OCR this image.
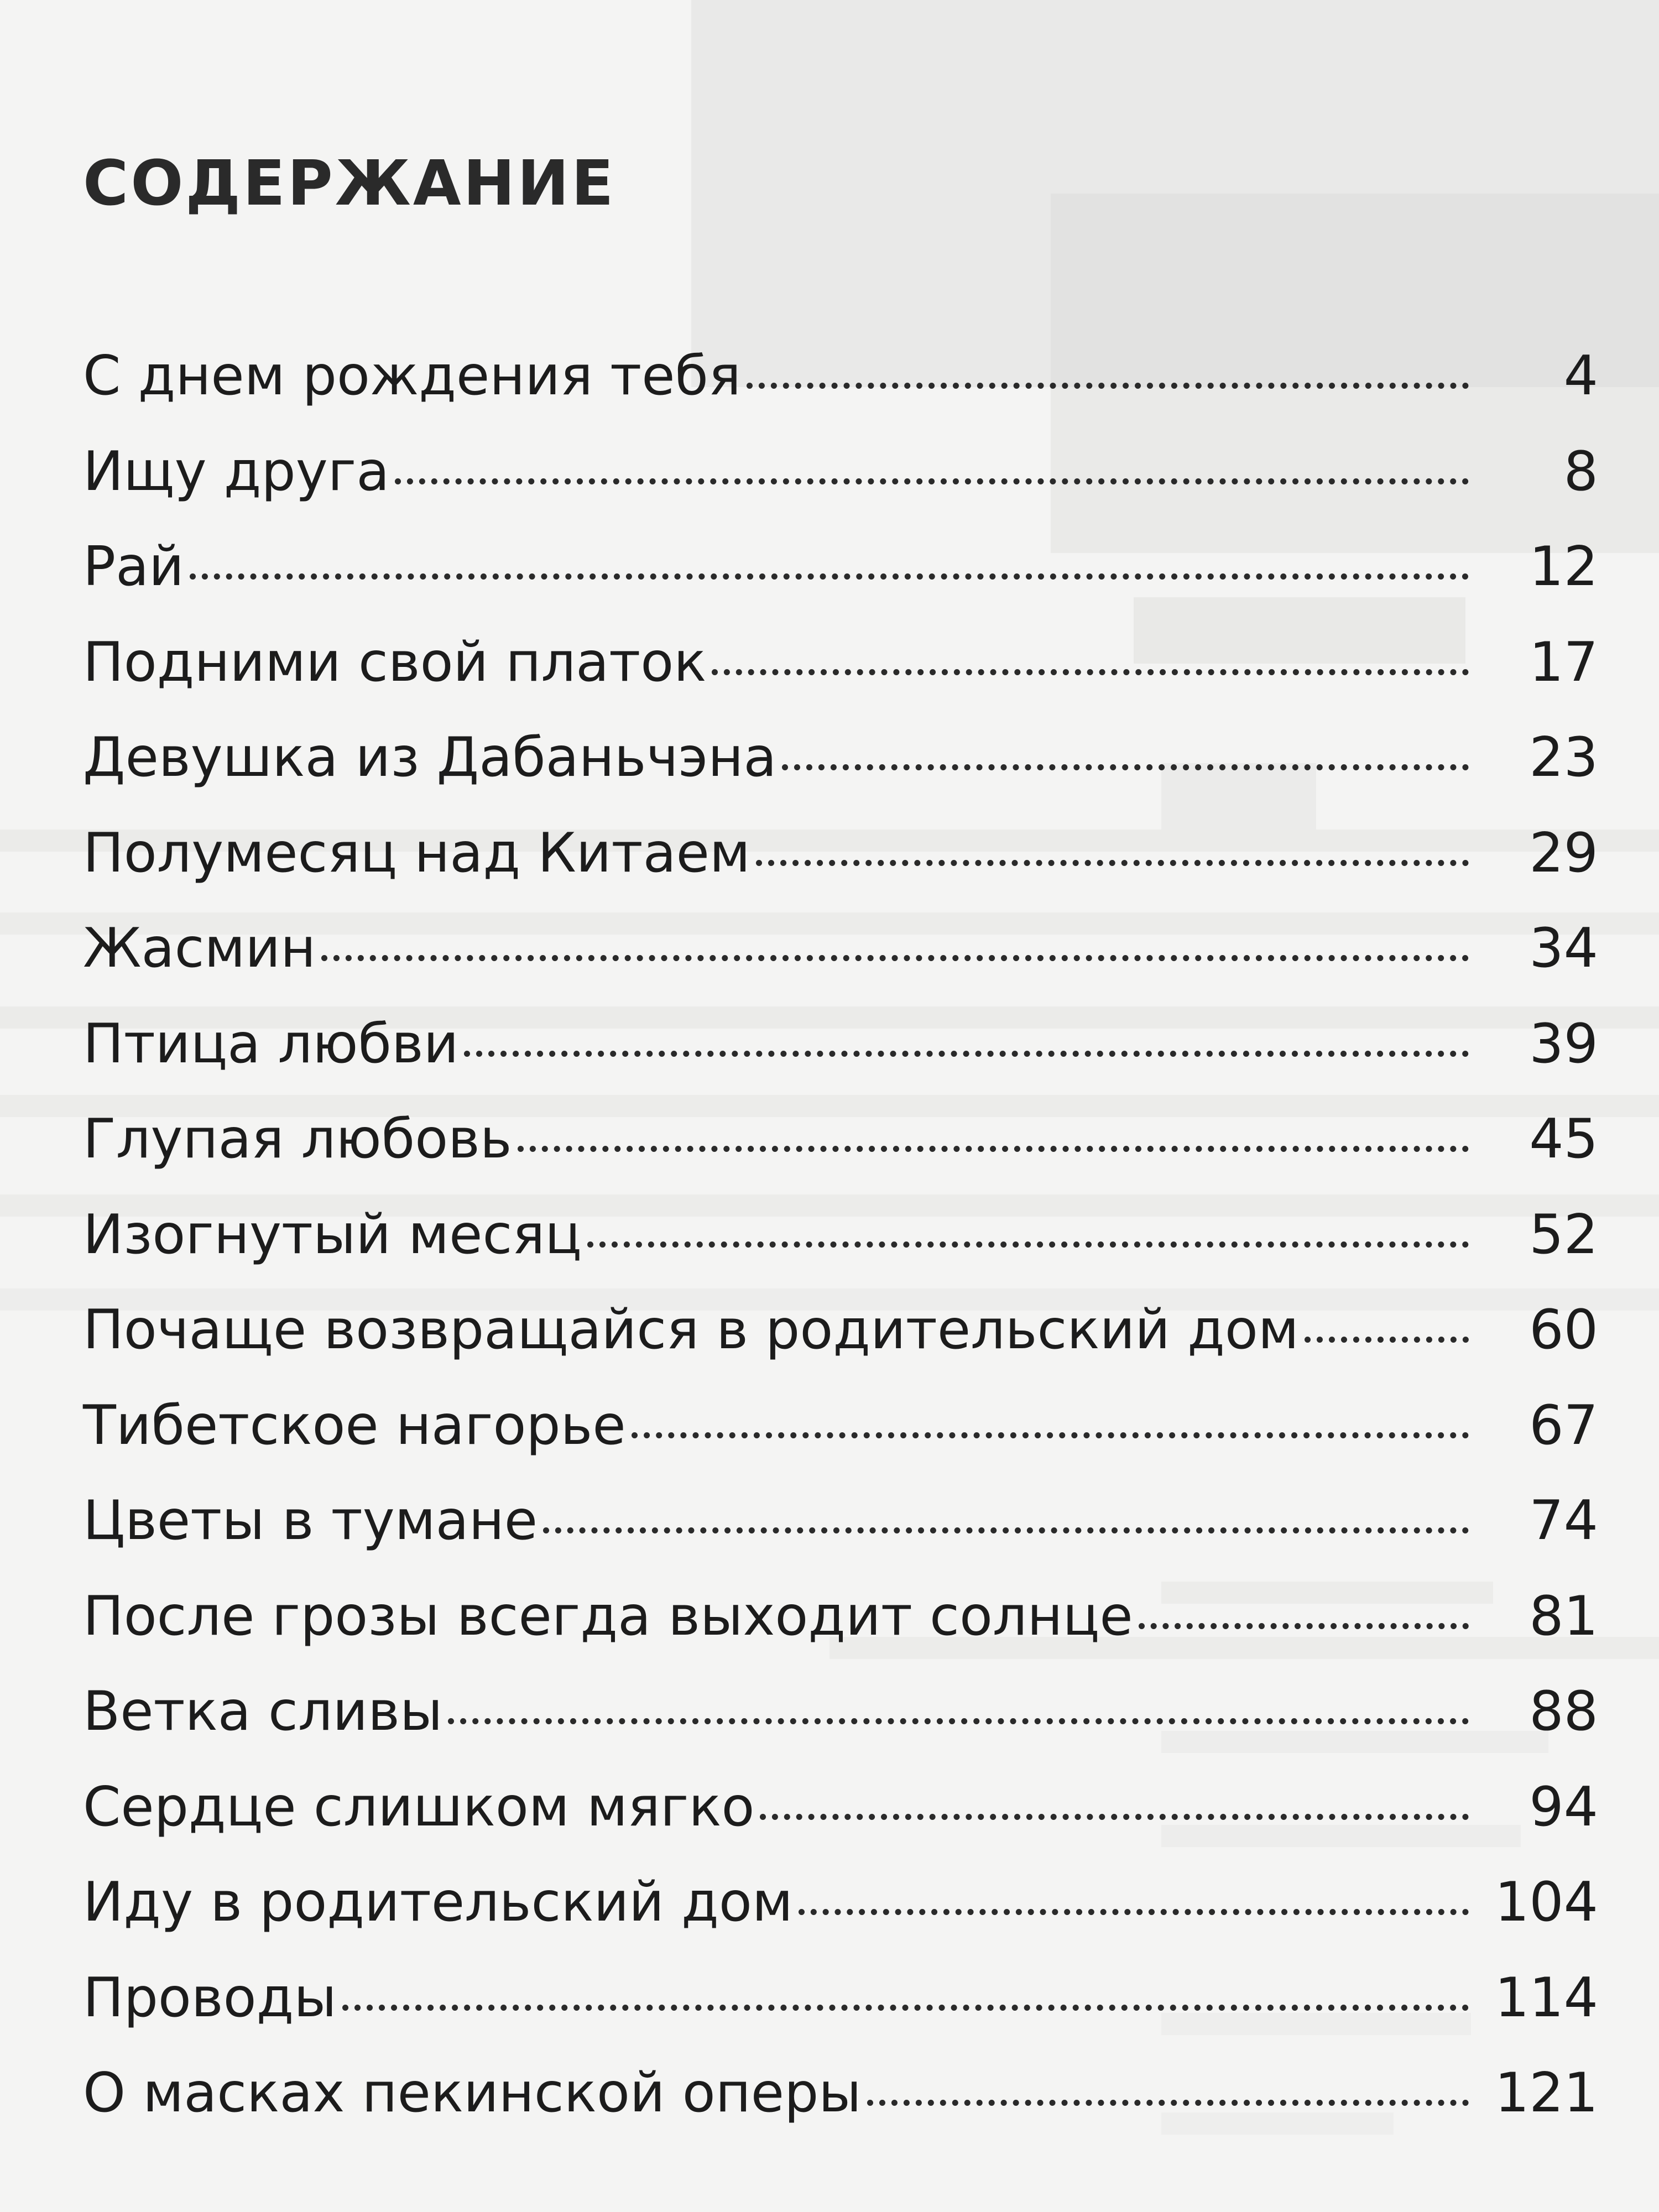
СОДЕРЖАНИЕ
С днем рождения тебя	4
Ищу друга	8
Рай	12
Подними свой платок	17
Девушка из Дабаньчэна	23
Полумесяц над Китаем	29
Жасмин	34
Птица любви	39
Глупая любовь	45
Изогнутый месяц	52
Почаще возвращайся в родительский дом	60
Тибетское нагорье	67
Цветы в тумане	74
После грозы всегда выходит солнце	81
Ветка сливы	88
Сердце слишком мягко	94
Иду в родительский дом	104
Проводы	114
О масках пекинской оперы	121
